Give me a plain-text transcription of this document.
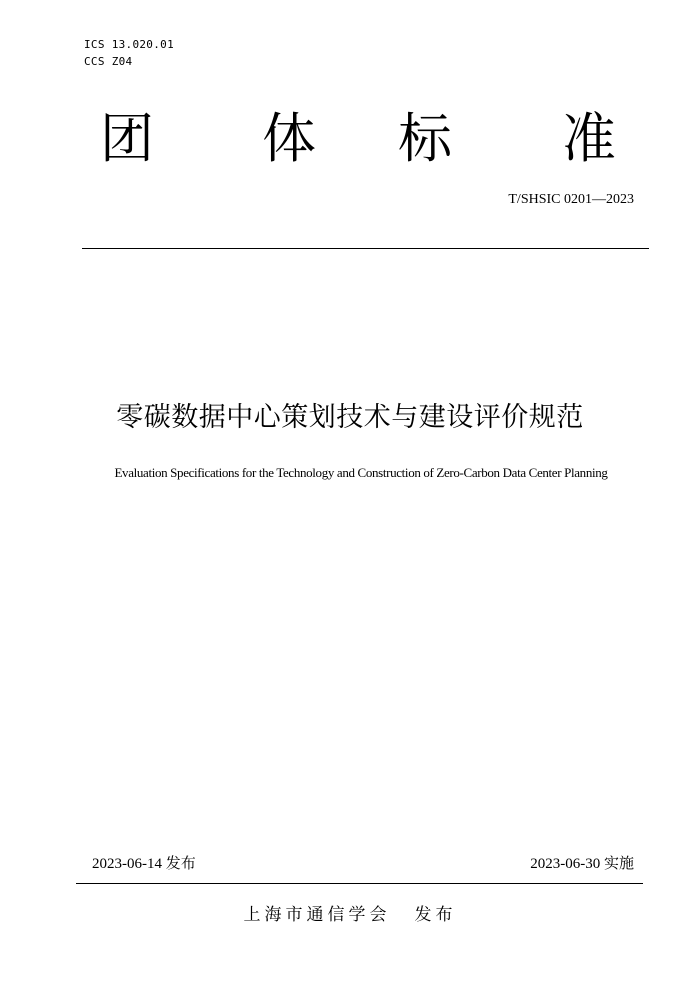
ICS 13.020.01
CCS Z04
团 体 标 准
T/SHSIC 0201—2023
零碳数据中心策划技术与建设评价规范
Evaluation Specifications for the Technology and Construction of Zero-Carbon Data Center Planning
2023-06-14 发布	2023-06-30 实施
上海市通信学会 发布
